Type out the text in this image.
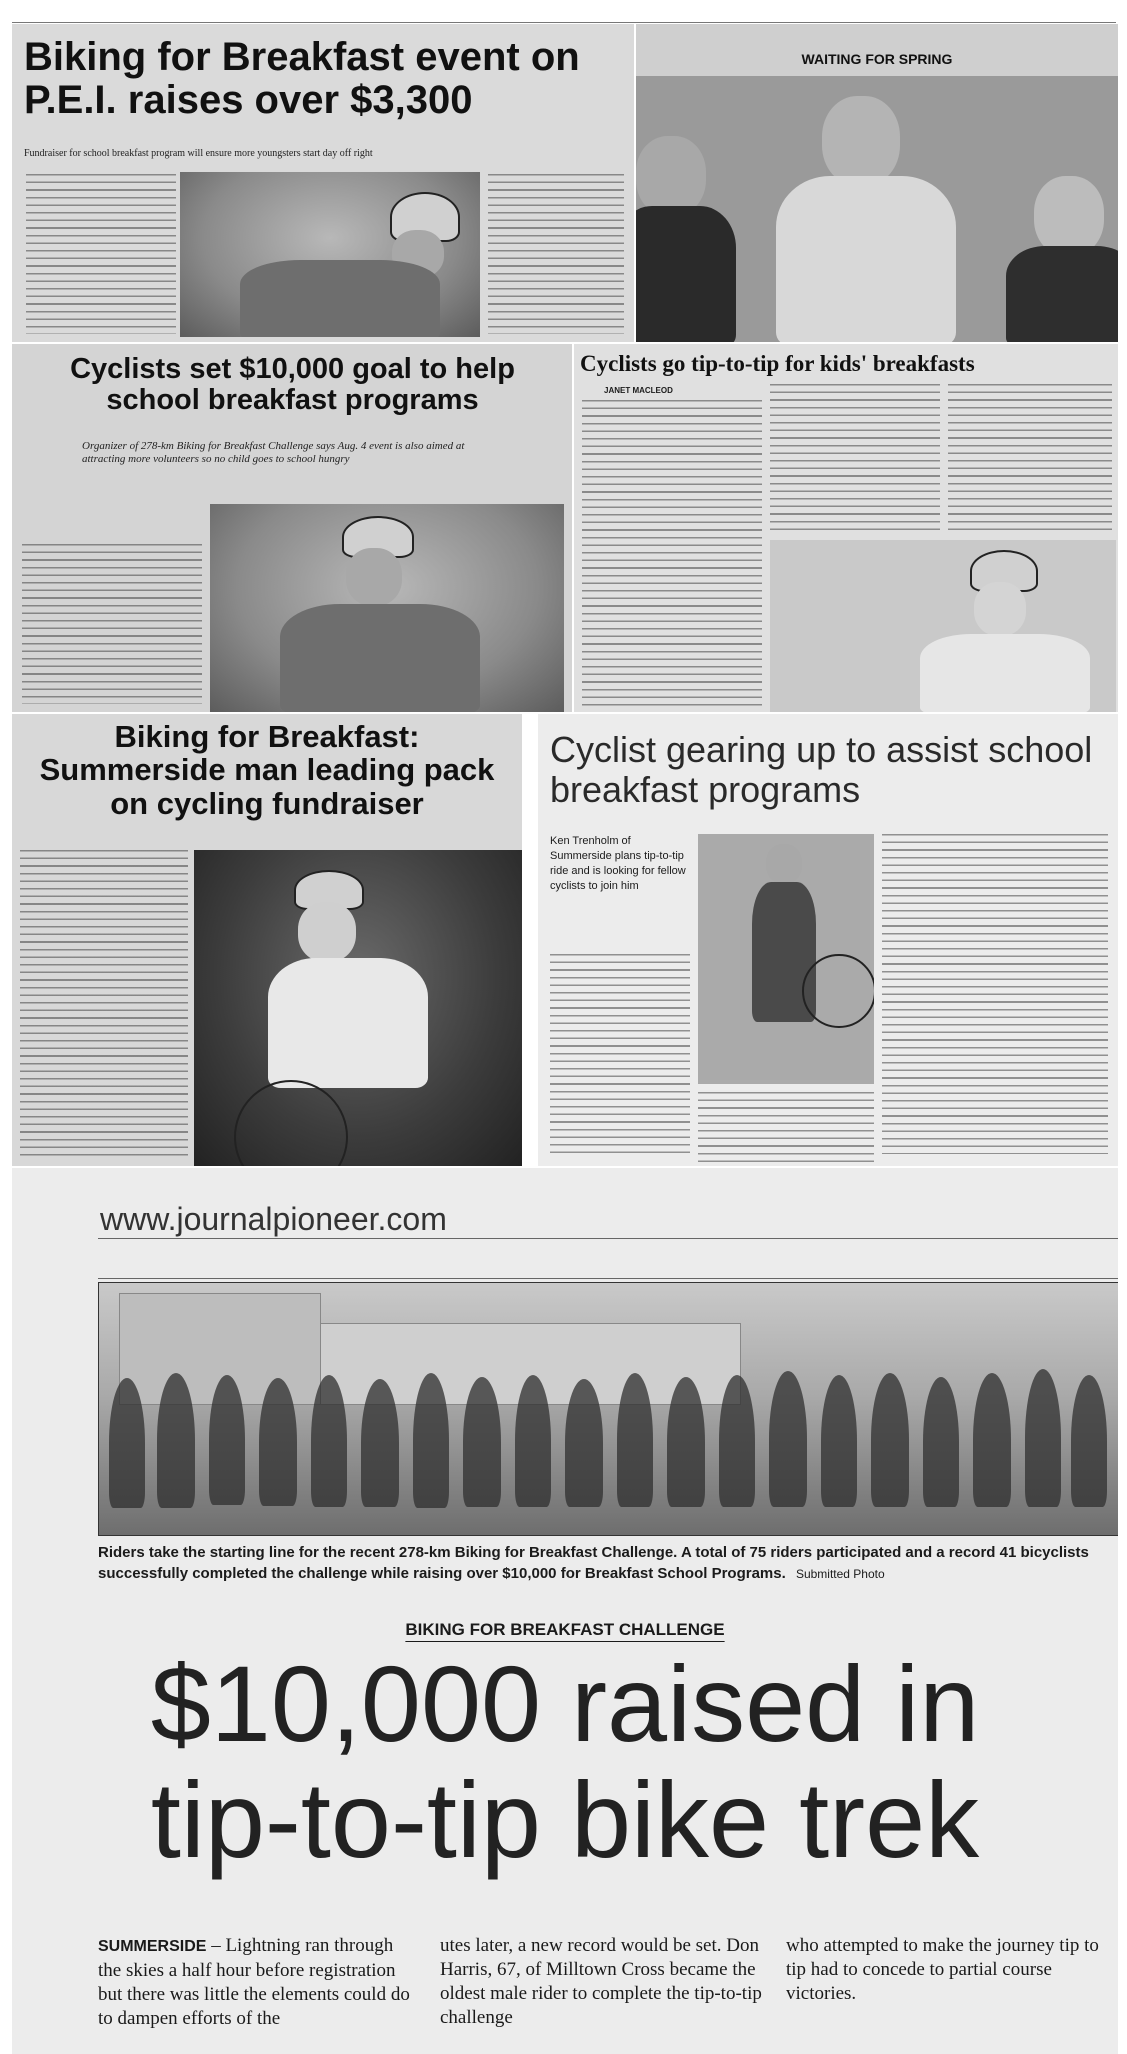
Biking for Breakfast event on P.E.I. raises over $3,300
Fundraiser for school breakfast program will ensure more youngsters start day off right
WAITING FOR SPRING
Cyclists set $10,000 goal to help school breakfast programs
Organizer of 278-km Biking for Breakfast Challenge says Aug. 4 event is also aimed at attracting more volunteers so no child goes to school hungry
Cyclists go tip-to-tip for kids' breakfasts
JANET MACLEOD
Biking for Breakfast: Summerside man leading pack on cycling fundraiser
Cyclist gearing up to assist school breakfast programs
Ken Trenholm of Summerside plans tip-to-tip ride and is looking for fellow cyclists to join him
www.journalpioneer.com
Riders take the starting line for the recent 278-km Biking for Breakfast Challenge. A total of 75 riders participated and a record 41 bicyclists successfully completed the challenge while raising over $10,000 for Breakfast School Programs. Submitted Photo
BIKING FOR BREAKFAST CHALLENGE
$10,000 raised in
tip-to-tip bike trek
SUMMERSIDE – Lightning ran through the skies a half hour before registration but there was little the elements could do to dampen efforts of the
utes later, a new record would be set. Don Harris, 67, of Milltown Cross became the oldest male rider to complete the tip-to-tip challenge
who attempted to make the journey tip to tip had to concede to partial course victories.
